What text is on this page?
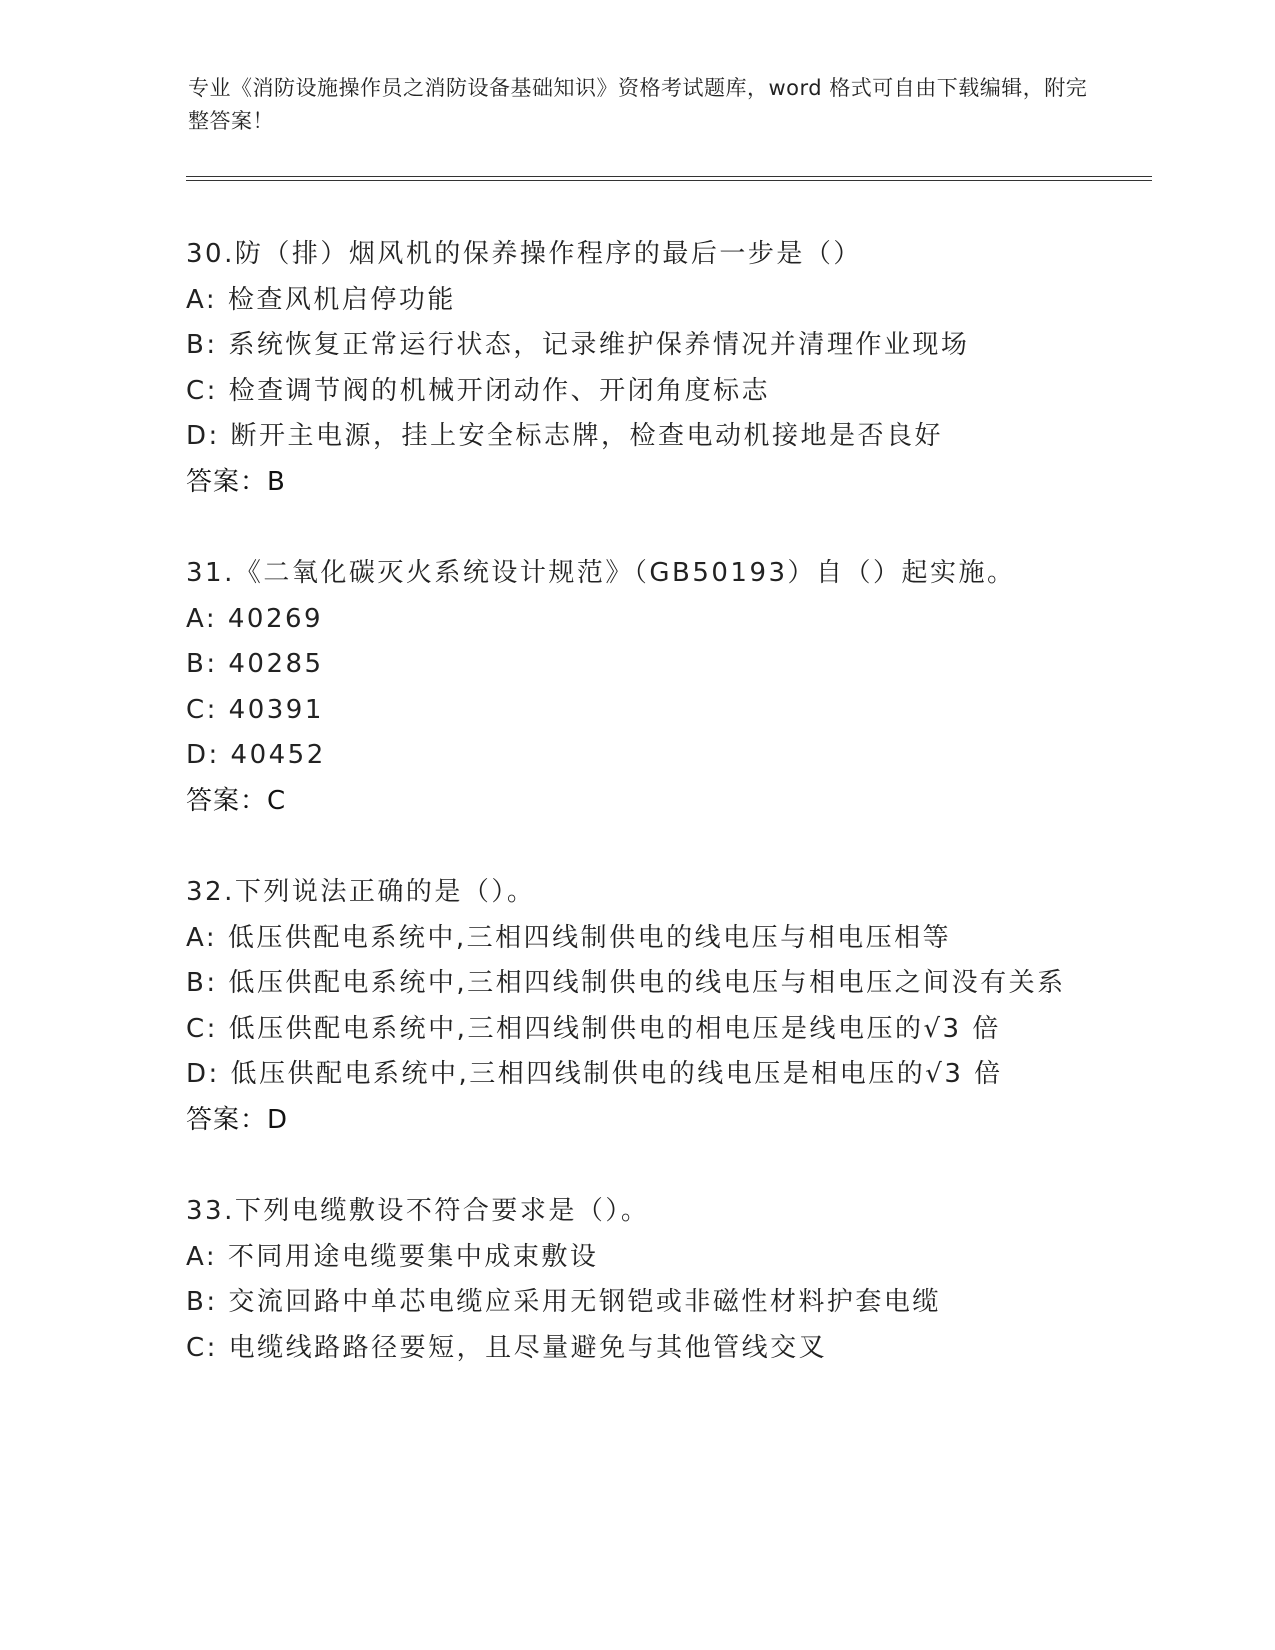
专业《消防设施操作员之消防设备基础知识》资格考试题库，word 格式可自由下载编辑，附完整答案！
30.防（排）烟风机的保养操作程序的最后一步是（）
A: 检查风机启停功能
B: 系统恢复正常运行状态，记录维护保养情况并清理作业现场
C: 检查调节阀的机械开闭动作、开闭角度标志
D: 断开主电源，挂上安全标志牌，检查电动机接地是否良好
答案：B
31.《二氧化碳灭火系统设计规范》（GB50193）自（）起实施。
A: 40269
B: 40285
C: 40391
D: 40452
答案：C
32.下列说法正确的是（）。
A: 低压供配电系统中,三相四线制供电的线电压与相电压相等
B: 低压供配电系统中,三相四线制供电的线电压与相电压之间没有关系
C: 低压供配电系统中,三相四线制供电的相电压是线电压的√3 倍
D: 低压供配电系统中,三相四线制供电的线电压是相电压的√3 倍
答案：D
33.下列电缆敷设不符合要求是（）。
A: 不同用途电缆要集中成束敷设
B: 交流回路中单芯电缆应采用无钢铠或非磁性材料护套电缆
C: 电缆线路路径要短，且尽量避免与其他管线交叉
